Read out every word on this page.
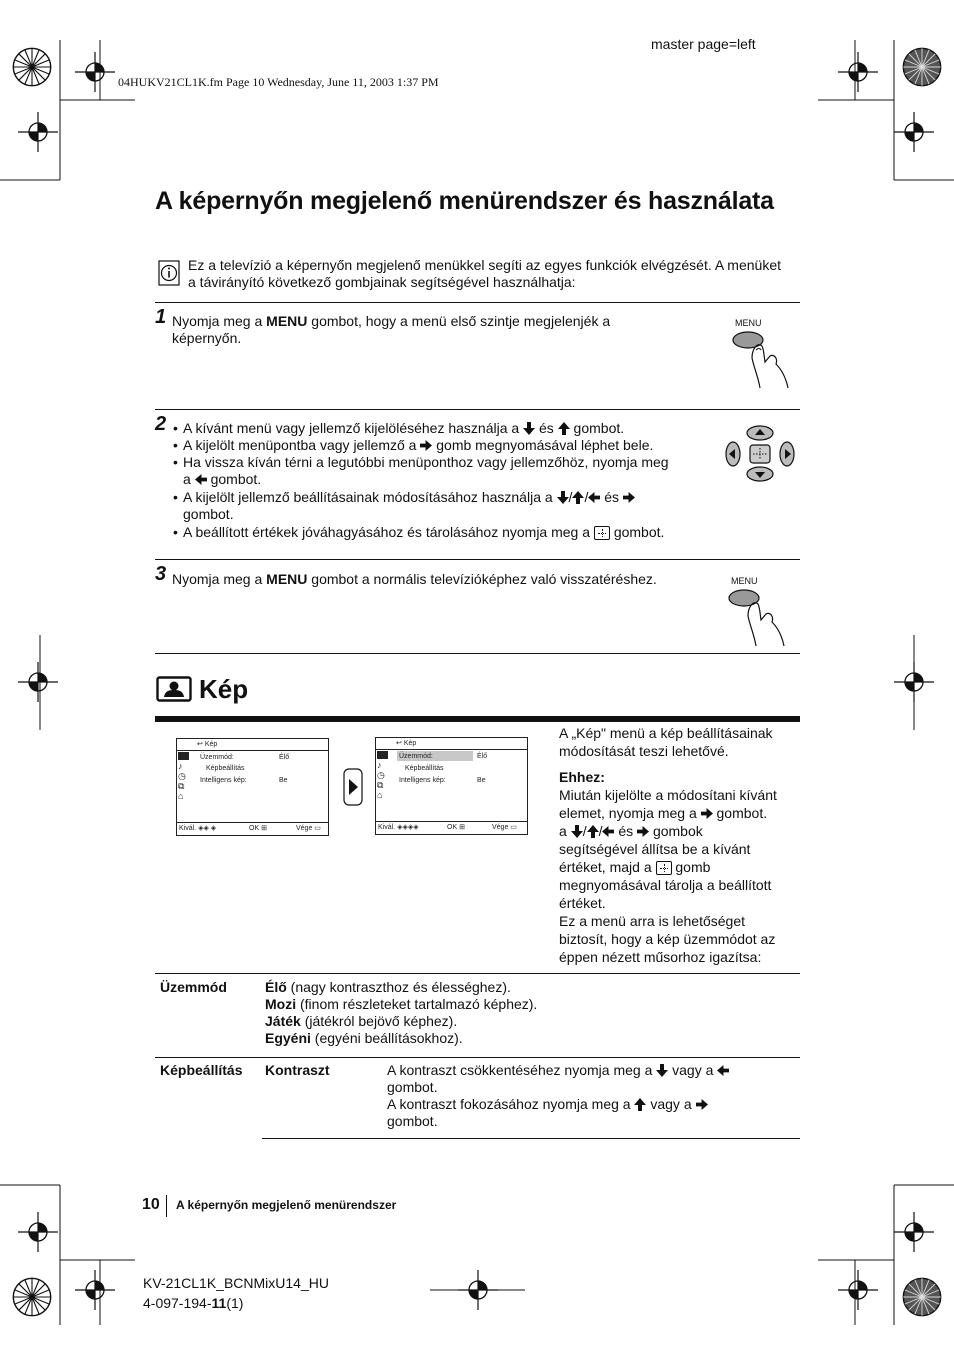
master page=left
04HUKV21CL1K.fm Page 10 Wednesday, June 11, 2003 1:37 PM
A képernyőn megjelenő menürendszer és használata
Ez a televízió a képernyőn megjelenő menükkel segíti az egyes funkciók elvégzését. A menüket a távirányító következő gombjainak segítségével használhatja:
1 Nyomja meg a MENU gombot, hogy a menü első szintje megjelenjék a képernyőn.
MENU
2
• A kívánt menü vagy jellemző kijelöléséhez használja a és gombot.
• A kijelölt menüpontba vagy jellemző a gomb megnyomásával léphet bele.
• Ha vissza kíván térni a legutóbbi menüponthoz vagy jellemzőhöz, nyomja meg
a gombot.
• A kijelölt jellemző beállításainak módosításához használja a / / és
gombot.
• A beállított értékek jóváhagyásához és tárolásához nyomja meg a gombot.
3 Nyomja meg a MENU gombot a normális televízióképhez való visszatéréshez.	MENU
Kép
↩ Kép
♪
◷
⧉
⌂
Üzemmód:	Élő
Képbeállítás
Intelligens kép:	Be
Kivál. ◈◈ ◈	OK ⊞	Vége ▭
↩ Kép
♪
◷
⧉
⌂
Üzemmód:	Élő
Képbeállítás
Intelligens kép:	Be
Kivál. ◈◈◈◈	OK ⊞	Vége ▭
A „Kép" menü a kép beállításainak módosítását teszi lehetővé.
Ehhez:
Miután kijelölte a módosítani kívánt
elemet, nyomja meg a gombot.
a / / és gombok
segítségével állítsa be a kívánt
értéket, majd a gomb
megnyomásával tárolja a beállított
értéket.
Ez a menü arra is lehetőséget
biztosít, hogy a kép üzemmódot az
éppen nézett műsorhoz igazítsa:
Üzemmód	Élő (nagy kontraszthoz és élességhez).
Mozi (finom részleteket tartalmazó képhez).
Játék (játékról bejövő képhez).
Egyéni (egyéni beállításokhoz).
Képbeállítás Kontraszt	A kontraszt csökkentéséhez nyomja meg a vagy a
gombot.
A kontraszt fokozásához nyomja meg a vagy a
gombot.
10 A képernyőn megjelenő menürendszer
KV-21CL1K_BCNMixU14_HU
4-097-194-11(1)
